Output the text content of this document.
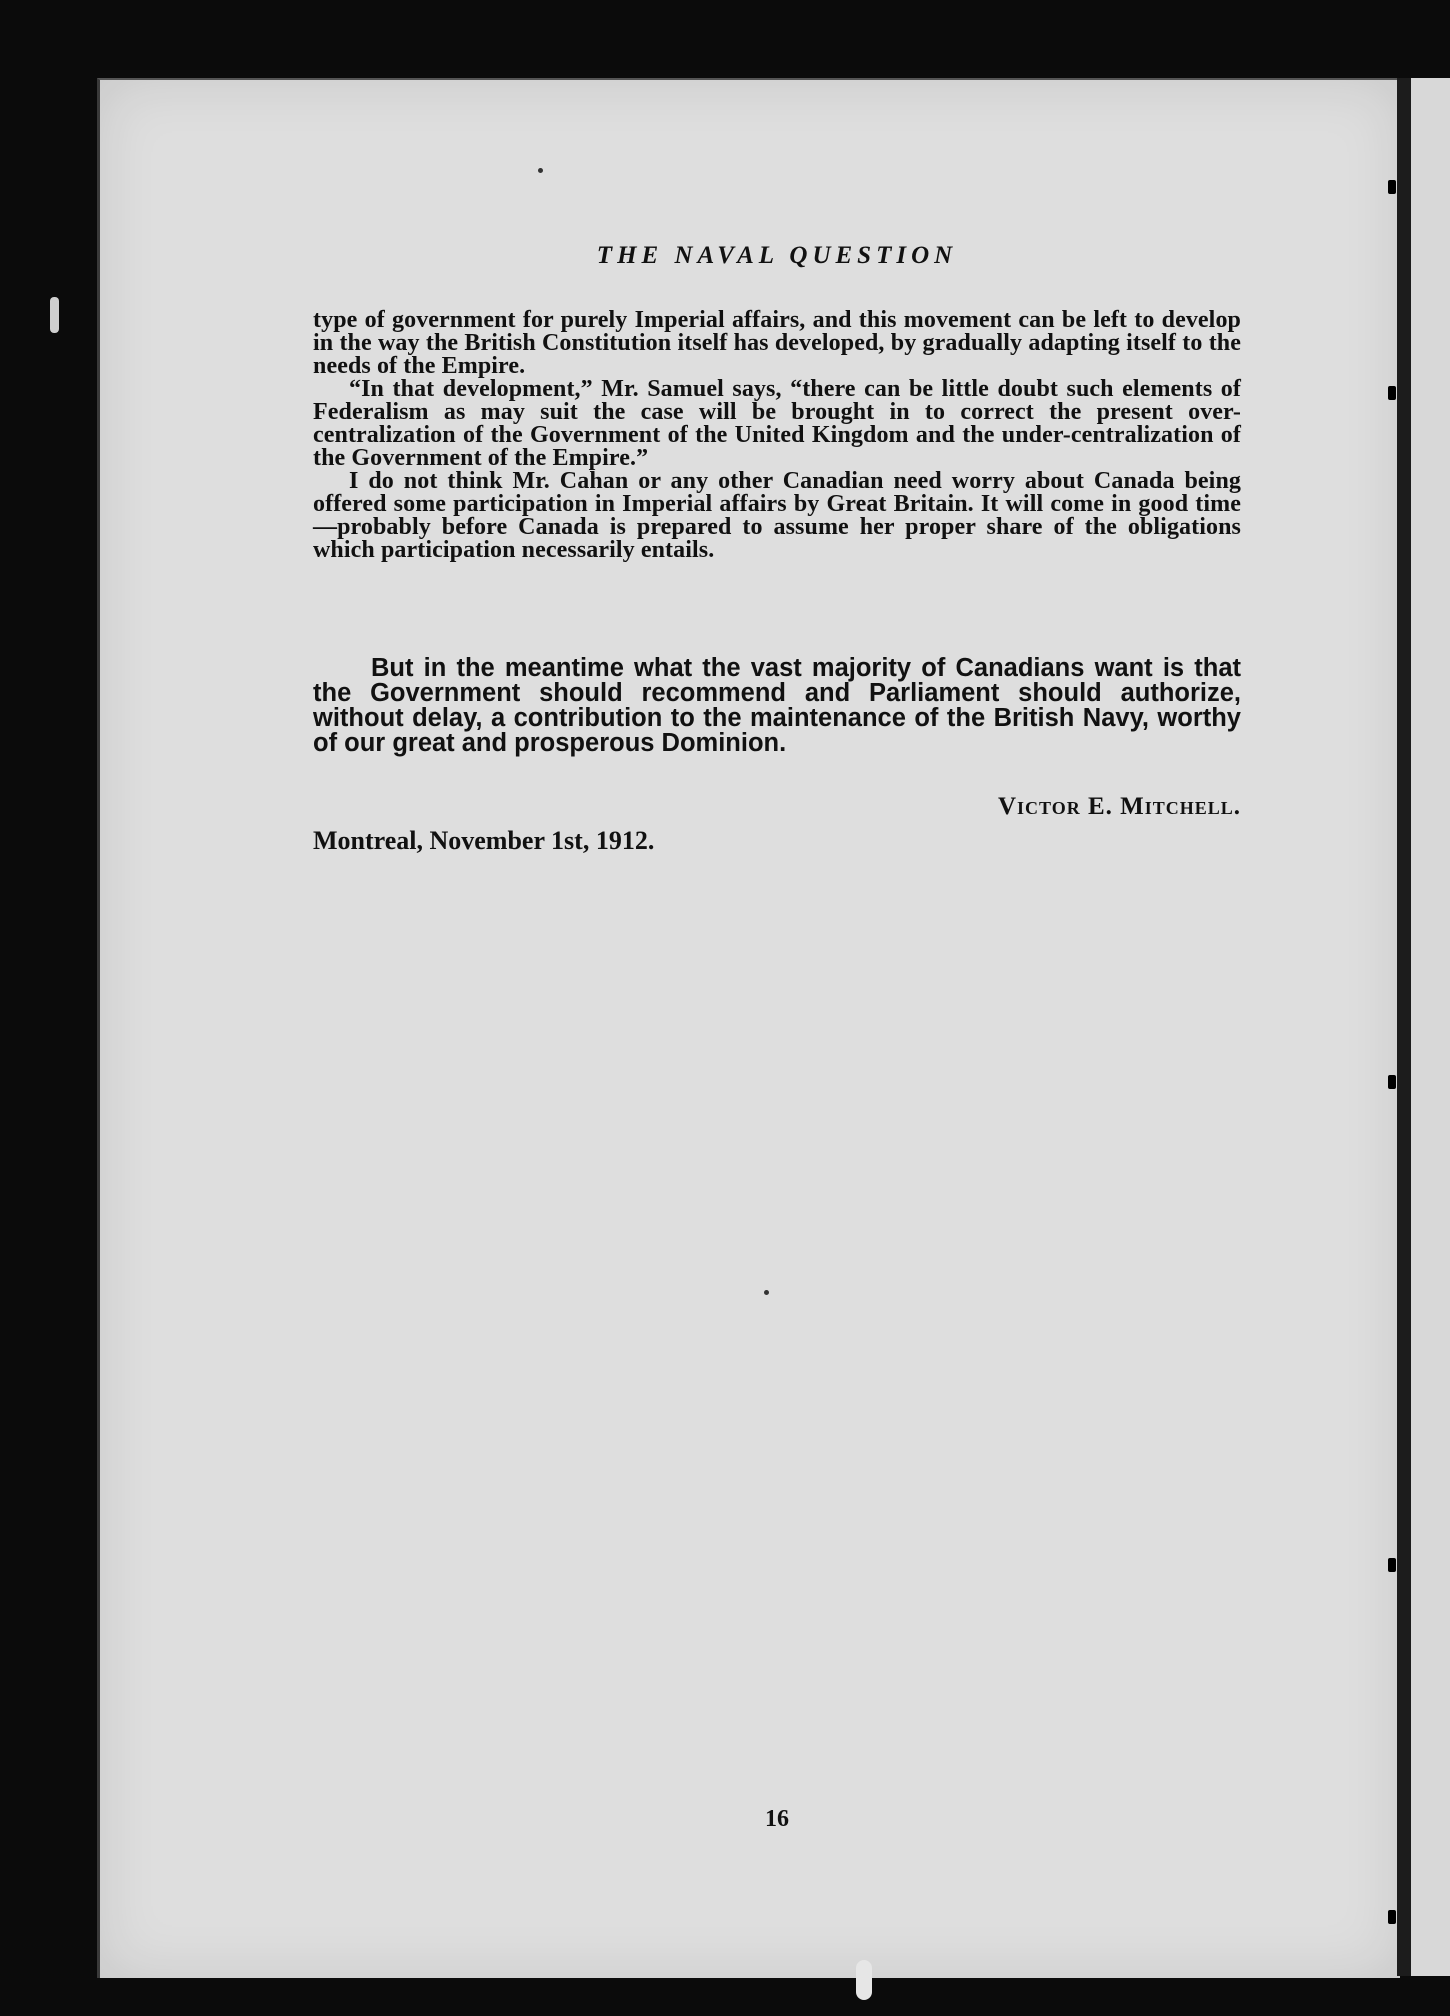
THE NAVAL QUESTION

type of government for purely Imperial affairs, and this movement can be left to develop in the way the British Constitution itself has developed, by gradually adapting itself to the needs of the Empire.

“In that development,” Mr. Samuel says, “there can be little doubt such elements of Federalism as may suit the case will be brought in to correct the present over-centralization of the Government of the United Kingdom and the under-centralization of the Government of the Empire.”

I do not think Mr. Cahan or any other Canadian need worry about Canada being offered some participation in Imperial affairs by Great Britain. It will come in good time—probably before Canada is prepared to assume her proper share of the obligations which participation necessarily entails.

But in the meantime what the vast majority of Canadians want is that the Government should recommend and Parliament should authorize, without delay, a contribution to the maintenance of the British Navy, worthy of our great and prosperous Dominion.

Victor E. Mitchell.
Montreal, November 1st, 1912.
16
